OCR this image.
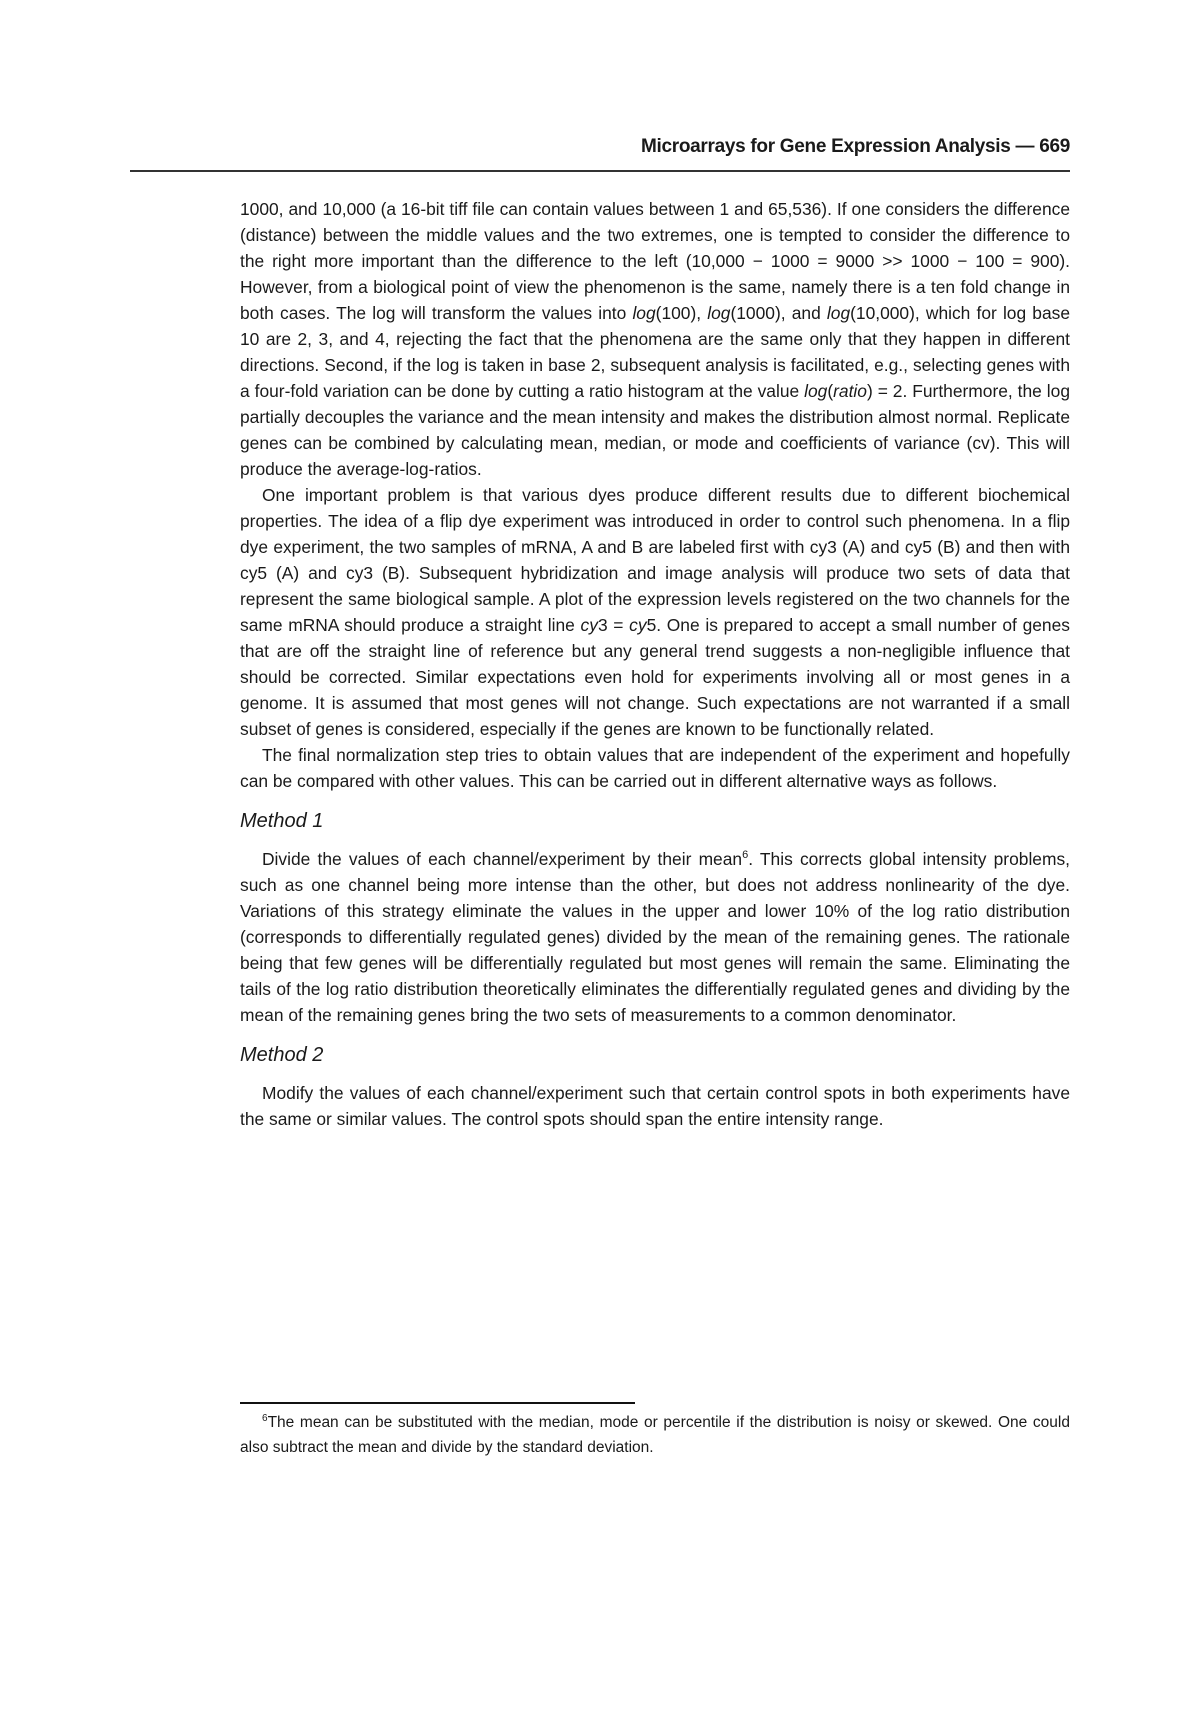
Microarrays for Gene Expression Analysis — 669

1000, and 10,000 (a 16-bit tiff file can contain values between 1 and 65,536). If one considers the difference (distance) between the middle values and the two extremes, one is tempted to consider the difference to the right more important than the difference to the left (10,000 − 1000 = 9000 >> 1000 − 100 = 900). However, from a biological point of view the phenomenon is the same, namely there is a ten fold change in both cases. The log will transform the values into log(100), log(1000), and log(10,000), which for log base 10 are 2, 3, and 4, rejecting the fact that the phenomena are the same only that they happen in different directions. Second, if the log is taken in base 2, subsequent analysis is facilitated, e.g., selecting genes with a four-fold variation can be done by cutting a ratio histogram at the value log(ratio) = 2. Furthermore, the log partially decouples the variance and the mean intensity and makes the distribution almost normal. Replicate genes can be combined by calculating mean, median, or mode and coefficients of variance (cv). This will produce the average-log-ratios.

One important problem is that various dyes produce different results due to different biochemical properties. The idea of a flip dye experiment was introduced in order to control such phenomena. In a flip dye experiment, the two samples of mRNA, A and B are labeled first with cy3 (A) and cy5 (B) and then with cy5 (A) and cy3 (B). Subsequent hybridization and image analysis will produce two sets of data that represent the same biological sample. A plot of the expression levels registered on the two channels for the same mRNA should produce a straight line cy3 = cy5. One is prepared to accept a small number of genes that are off the straight line of reference but any general trend suggests a non-negligible influence that should be corrected. Similar expectations even hold for experiments involving all or most genes in a genome. It is assumed that most genes will not change. Such expectations are not warranted if a small subset of genes is considered, especially if the genes are known to be functionally related.

The final normalization step tries to obtain values that are independent of the experiment and hopefully can be compared with other values. This can be carried out in different alternative ways as follows.

Method 1

Divide the values of each channel/experiment by their mean$^6$. This corrects global intensity problems, such as one channel being more intense than the other, but does not address nonlinearity of the dye. Variations of this strategy eliminate the values in the upper and lower 10% of the log ratio distribution (corresponds to differentially regulated genes) divided by the mean of the remaining genes. The rationale being that few genes will be differentially regulated but most genes will remain the same. Eliminating the tails of the log ratio distribution theoretically eliminates the differentially regulated genes and dividing by the mean of the remaining genes bring the two sets of measurements to a common denominator.

Method 2

Modify the values of each channel/experiment such that certain control spots in both experiments have the same or similar values. The control spots should span the entire intensity range.

$^6$The mean can be substituted with the median, mode or percentile if the distribution is noisy or skewed. One could also subtract the mean and divide by the standard deviation.
